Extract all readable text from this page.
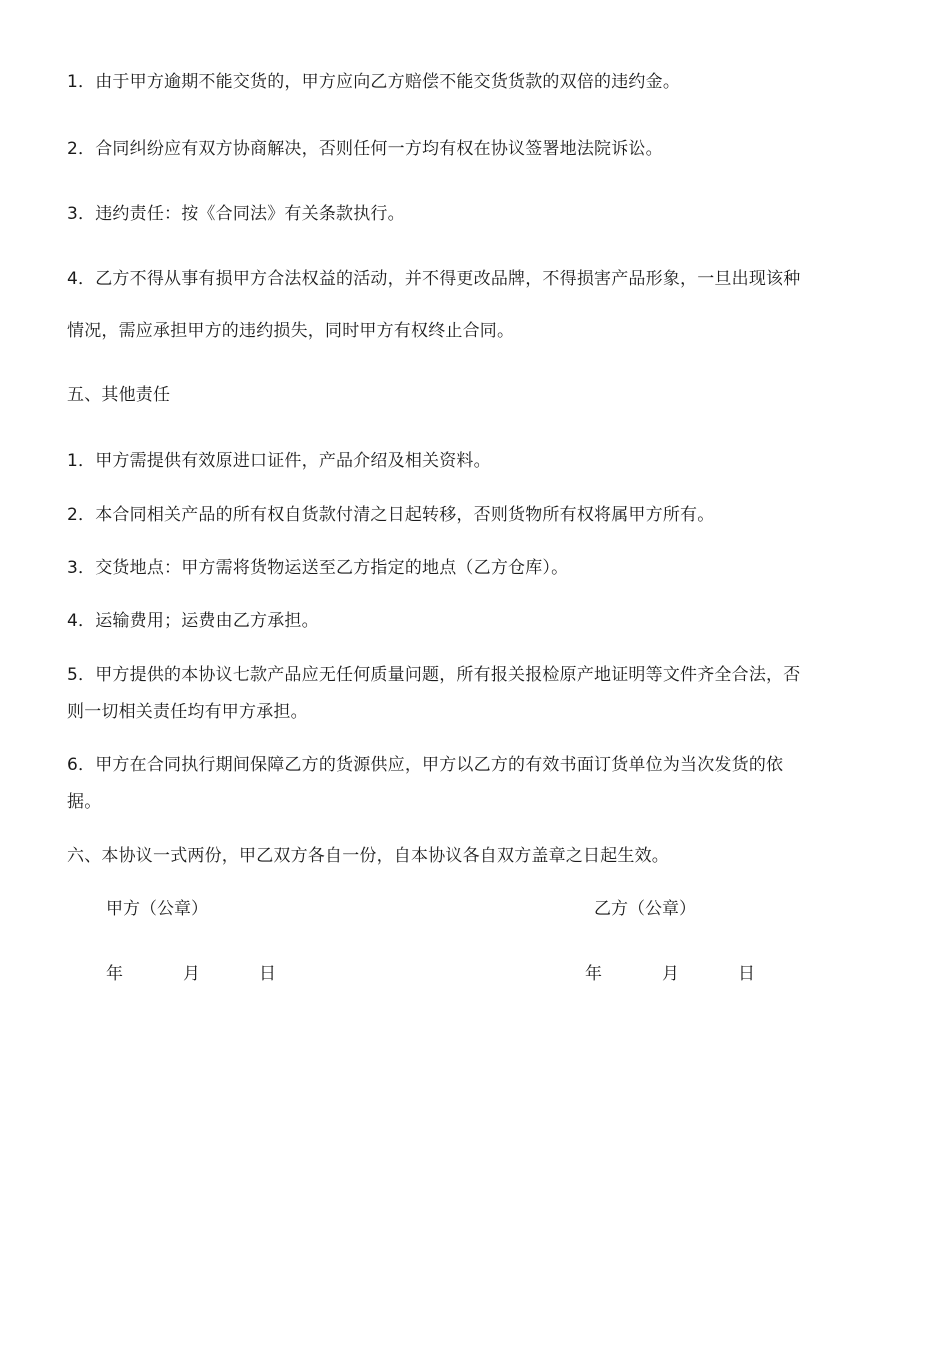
1．由于甲方逾期不能交货的，甲方应向乙方赔偿不能交货货款的双倍的违约金。
2．合同纠纷应有双方协商解决，否则任何一方均有权在协议签署地法院诉讼。
3．违约责任：按《合同法》有关条款执行。
4．乙方不得从事有损甲方合法权益的活动，并不得更改品牌，不得损害产品形象，一旦出现该种
情况，需应承担甲方的违约损失，同时甲方有权终止合同。
五、其他责任
1．甲方需提供有效原进口证件，产品介绍及相关资料。
2．本合同相关产品的所有权自货款付清之日起转移，否则货物所有权将属甲方所有。
3．交货地点：甲方需将货物运送至乙方指定的地点（乙方仓库）。
4．运输费用；运费由乙方承担。
5．甲方提供的本协议七款产品应无任何质量问题，所有报关报检原产地证明等文件齐全合法，否
则一切相关责任均有甲方承担。
6．甲方在合同执行期间保障乙方的货源供应，甲方以乙方的有效书面订货单位为当次发货的依
据。
六、本协议一式两份，甲乙双方各自一份，自本协议各自双方盖章之日起生效。
甲方（公章）	乙方（公章）
年	月	日	年	月	日
